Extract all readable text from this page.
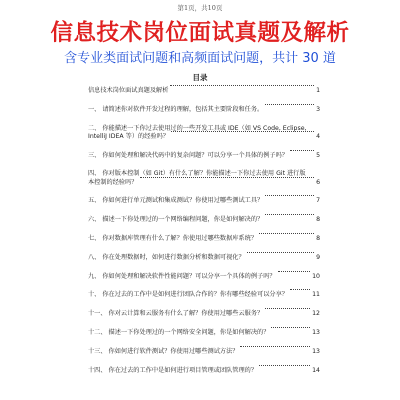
第1页，共10页
信息技术岗位面试真题及解析
含专业类面试问题和高频面试问题，共计 30 道
目录
信息技术岗位面试真题及解析	1
一、 请简述你对软件开发过程的理解，包括其主要阶段和任务。	3
二、 你能描述一下你过去使用过的一些开发工具或 IDE（如 VS Code, Eclipse,
IntelliJ IDEA 等）的经验吗？	4
三、 你如何处理和解决代码中的复杂问题？可以分享一个具体的例子吗？	5
四、 你对版本控制（如 Git）有什么了解？你能描述一下你过去使用 Git 进行版
本控制的经验吗？	6
五、 你如何进行单元测试和集成测试？你使用过哪些测试工具？	7
六、 描述一下你处理过的一个网络编程问题，你是如何解决的？	8
七、 你对数据库管理有什么了解？你使用过哪些数据库系统？	8
八、 你在处理数据时，如何进行数据分析和数据可视化？	9
九、 你如何处理和解决软件性能问题？可以分享一个具体的例子吗？	10
十、 你在过去的工作中是如何进行团队合作的？你有哪些经验可以分享？	11
十一、 你对云计算和云服务有什么了解？你使用过哪些云服务？	12
十二、 描述一下你处理过的一个网络安全问题，你是如何解决的？	13
十三、 你如何进行软件测试？你使用过哪些测试方法？	13
十四、 你在过去的工作中是如何进行项目管理或团队管理的？	14
